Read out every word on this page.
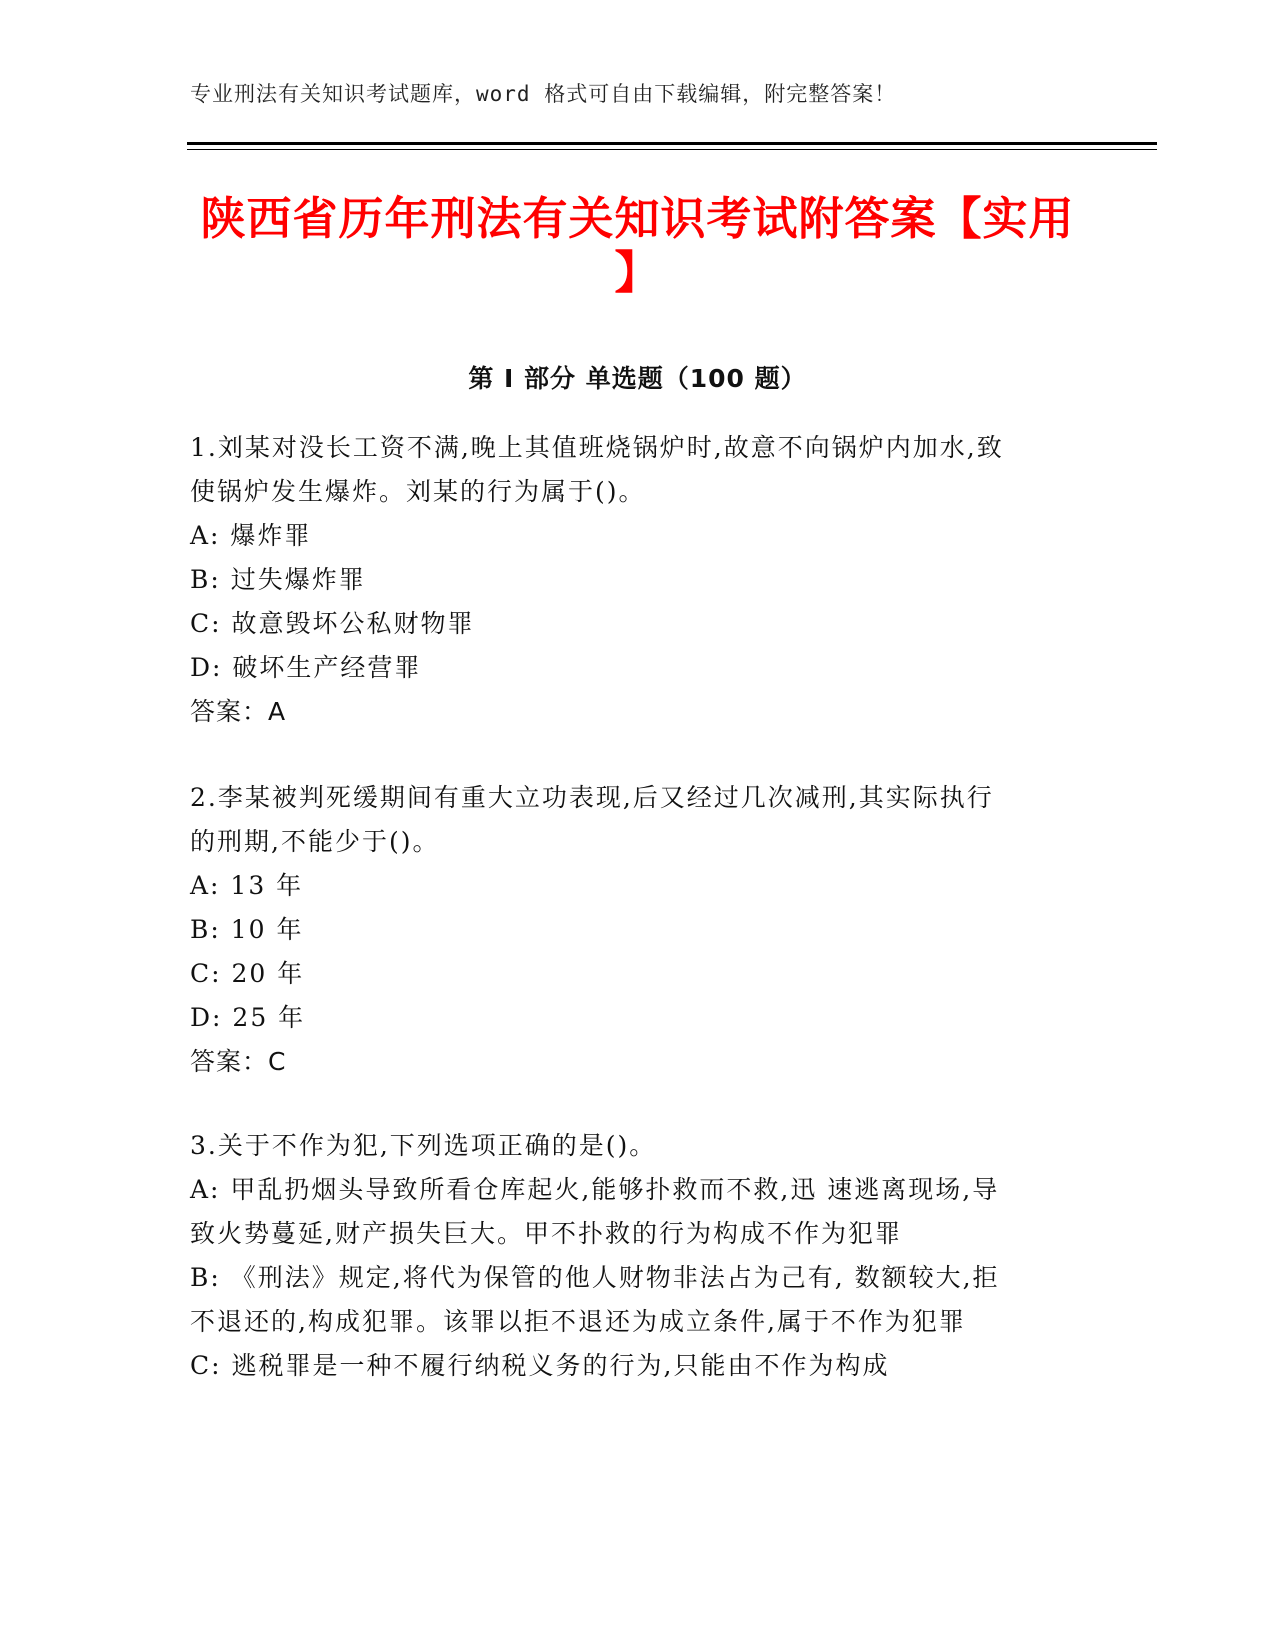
专业刑法有关知识考试题库，word 格式可自由下载编辑，附完整答案！
陕西省历年刑法有关知识考试附答案【实用
】
第 I 部分 单选题（100 题）
1.刘某对没长工资不满,晚上其值班烧锅炉时,故意不向锅炉内加水,致
使锅炉发生爆炸。刘某的行为属于()。
A: 爆炸罪
B: 过失爆炸罪
C: 故意毁坏公私财物罪
D: 破坏生产经营罪
答案：A
2.李某被判死缓期间有重大立功表现,后又经过几次减刑,其实际执行
的刑期,不能少于()。
A: 13 年
B: 10 年
C: 20 年
D: 25 年
答案：C
3.关于不作为犯,下列选项正确的是()。
A: 甲乱扔烟头导致所看仓库起火,能够扑救而不救,迅 速逃离现场,导
致火势蔓延,财产损失巨大。甲不扑救的行为构成不作为犯罪
B: 《刑法》规定,将代为保管的他人财物非法占为己有, 数额较大,拒
不退还的,构成犯罪。该罪以拒不退还为成立条件,属于不作为犯罪
C: 逃税罪是一种不履行纳税义务的行为,只能由不作为构成
